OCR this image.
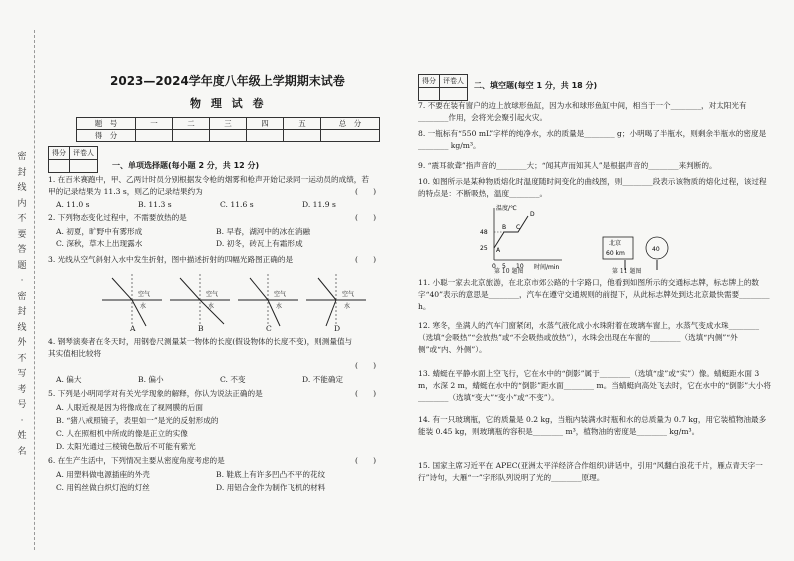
密
封
线
内
不
要
答
题
·
密
封
线
外
不
写
考
号
·
姓
名
2023—2024学年度八年级上学期期末试卷
物 理 试 卷
题　号	一	二	三	四	五	总　分
得　分						
得分	评卷人

一、单项选择题(每小题 2 分，共 12 分)
1. 在百米赛跑中，甲、乙两计时员分别根据发令枪的烟雾和枪声开始记录同一运动员的成绩，若甲的记录结果为 11.3 s，则乙的记录结果约为	(　　)
A. 11.0 s	B. 11.3 s	C. 11.6 s	D. 11.9 s
2. 下列物态变化过程中，不需要放热的是	(　　)
A. 初夏，旷野中有雾形成	B. 早春，湖河中的冰在消融
C. 深秋，草木上出现露水	D. 初冬，砖瓦上有霜形成
3. 光线从空气斜射入水中发生折射，图中描述折射的四幅光路图正确的是	(　　)
空气
水
空气
水
空气
水
空气
水
A	B	C	D
4. 钢琴演奏者在冬天时，用钢卷尺测量某一物体的长度(假设物体的长度不变)，则测量值与其实值相比较将
(　　)
A. 偏大	B. 偏小	C. 不变	D. 不能确定
5. 下列是小明同学对有关光学现象的解释，你认为说法正确的是	(　　)
A. 人眼近视是因为将像成在了视网膜的后面
B. “猪八戒照镜子，表里如一”是光的反射形成的
C. 人在照相机中所成的像是正立的实像
D. 太阳光通过三棱镜色散后不可能有紫光
6. 在生产生活中，下列情况主要从密度角度考虑的是	(　　)
A. 用塑料做电源插座的外壳	B. 鞋底上有许多凹凸不平的花纹
C. 用钨丝做白炽灯泡的灯丝	D. 用铝合金作为制作飞机的材料
得分	评卷人
	二、填空题(每空 1 分，共 18 分)
7. 不要在装有窗户的边上放球形鱼缸，因为水和球形鱼缸中间，相当于一个________，对太阳光有________作用，会将光会聚引起火灾。
8. 一瓶标有“550 mL”字样的纯净水，水的质量是________ g；小明喝了半瓶水，则剩余半瓶水的密度是________ kg/m³。
9. “震耳欲聋”指声音的________大；“闻其声而知其人”是根据声音的________来判断的。
10. 如图所示是某种物质熔化时温度随时间变化的曲线图，则________段表示该物质的熔化过程，该过程的特点是：不断吸热，温度________。
温度/℃
时间/min
48
25
0 5 10
A
B C
D
第 10 题图
北京
60 km
40
第 11 题图
11. 小聪一家去北京旅游，在北京市郊公路的十字路口，他看到如图所示的交通标志牌，标志牌上的数字“40”表示的意思是________，汽车在遵守交通规则的前提下，从此标志牌处到达北京最快需要________ h。
12. 寒冬，坐满人的汽车门窗紧闭，水蒸气液化成小水珠附着在玻璃车窗上，水蒸气变成水珠________（选填“会吸热”“会放热”或“不会吸热或放热”），水珠会出现在车窗的________（选填“内侧”“外侧”或“内、外侧”）。
13. 蜻蜓在平静水面上空飞行，它在水中的“倒影”属于________（选填“虚”或“实”）像。蜻蜓距水面 3 m，水深 2 m，蜻蜓在水中的“倒影”距水面________ m。当蜻蜓向高处飞去时，它在水中的“倒影”大小将________（选填“变大”“变小”或“不变”）。
14. 有一只玻璃瓶，它的质量是 0.2 kg，当瓶内装满水时瓶和水的总质量为 0.7 kg，用它装植物油最多能装 0.45 kg，则玻璃瓶的容积是________ m³，植物油的密度是________ kg/m³。
15. 国家主席习近平在 APEC(亚洲太平洋经济合作组织)讲话中，引用“风翻白浪花千片，雁点青天字一行”诗句，大雁“一”字形队列说明了光的________原理。
